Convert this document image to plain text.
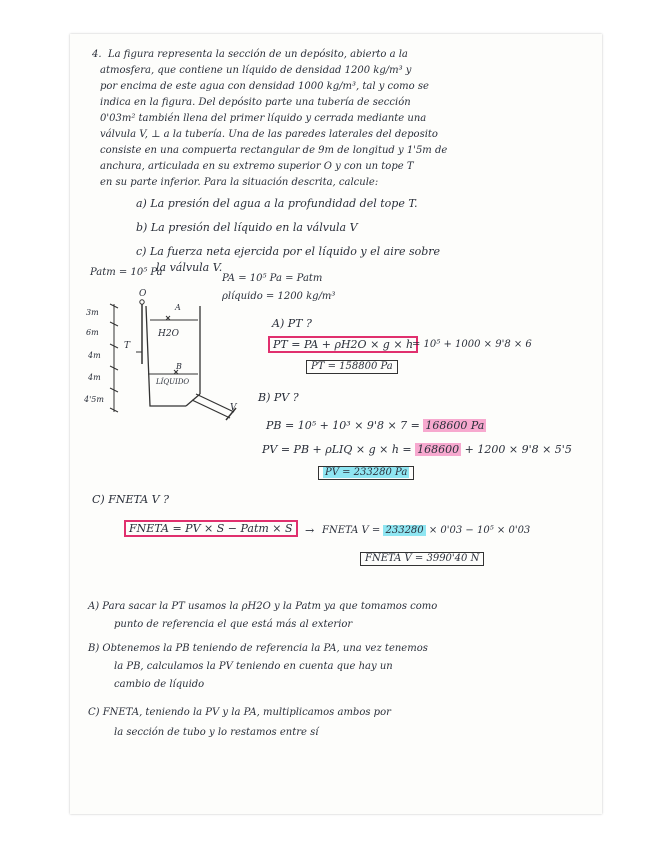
4. La figura representa la sección de un depósito, abierto a la
atmosfera, que contiene un líquido de densidad 1200 kg/m³ y
por encima de este agua con densidad 1000 kg/m³, tal y como se
indica en la figura. Del depósito parte una tubería de sección
0'03m² también llena del primer líquido y cerrada mediante una
válvula V, ⊥ a la tubería. Una de las paredes laterales del deposito
consiste en una compuerta rectangular de 9m de longitud y 1'5m de
anchura, articulada en su extremo superior O y con un tope T
en su parte inferior. Para la situación descrita, calcule:
a) La presión del agua a la profundidad del tope T.
b) La presión del líquido en la válvula V
c) La fuerza neta ejercida por el líquido y el aire sobre
la válvula V.
Patm = 10⁵ Pa
PA = 10⁵ Pa = Patm
ρlíquido = 1200 kg/m³
3m
6m
4m
4m
4'5m
O
A
T
H2O
B
LÍQUIDO
V
A) PT ?
PT = PA + ρH2O × g × h
= 10⁵ + 1000 × 9'8 × 6
PT = 158800 Pa
B) PV ?
PB = 10⁵ + 10³ × 9'8 × 7 = 168600 Pa
PV = PB + ρLIQ × g × h = 168600 + 1200 × 9'8 × 5'5
PV = 233280 Pa
C) FNETA V ?
FNETA = PV × S − Patm × S	→ FNETA V = 233280 × 0'03 − 10⁵ × 0'03
FNETA V = 3990'40 N
A) Para sacar la PT usamos la ρH2O y la Patm ya que tomamos como
punto de referencia el que está más al exterior
B) Obtenemos la PB teniendo de referencia la PA, una vez tenemos
la PB, calculamos la PV teniendo en cuenta que hay un
cambio de líquido
C) FNETA, teniendo la PV y la PA, multiplicamos ambos por
la sección de tubo y lo restamos entre sí
